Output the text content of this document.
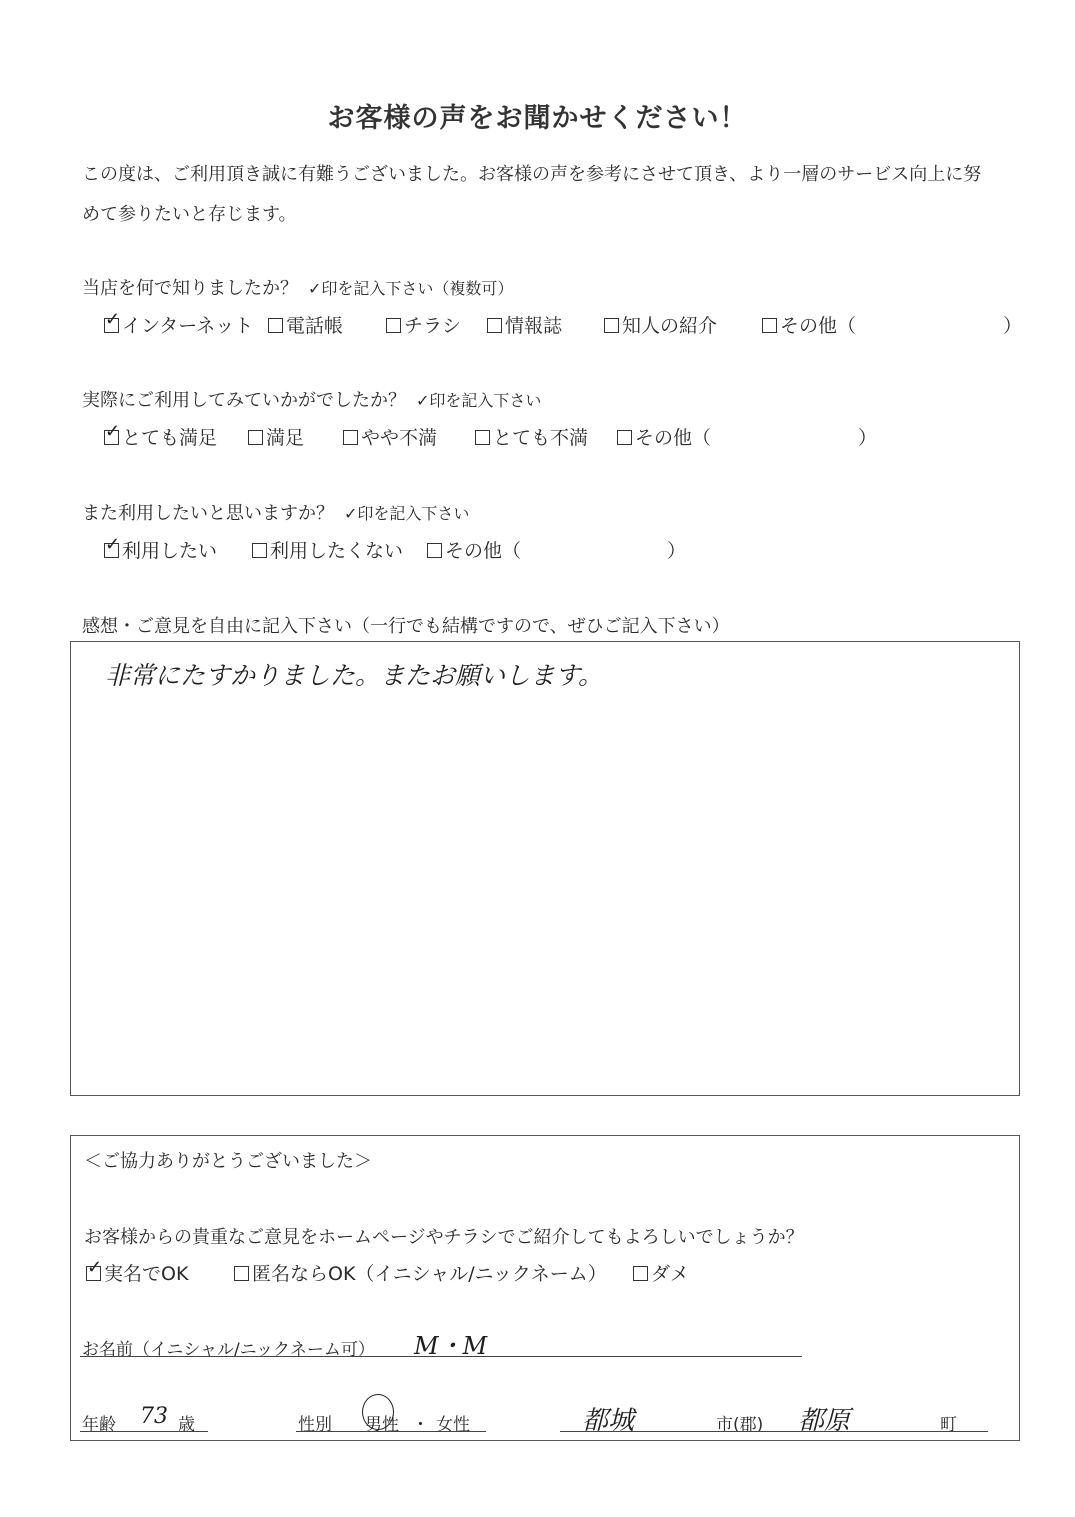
お客様の声をお聞かせください！
この度は、ご利用頂き誠に有難うございました。お客様の声を参考にさせて頂き、より一層のサービス向上に努
めて参りたいと存じます。
当店を何で知りましたか？ ✓印を記入下さい（複数可）
✓ インターネット	電話帳	チラシ	情報誌	知人の紹介	その他（	）
実際にご利用してみていかがでしたか？ ✓印を記入下さい
✓ とても満足	満足	やや不満	とても不満	その他（	）
また利用したいと思いますか？ ✓印を記入下さい
✓ 利用したい	利用したくない	その他（	）
感想・ご意見を自由に記入下さい（一行でも結構ですので、ぜひご記入下さい）
非常にたすかりました。またお願いします。
＜ご協力ありがとうございました＞
お客様からの貴重なご意見をホームページやチラシでご紹介してもよろしいでしょうか？
✓ 実名でOK	匿名ならOK（イニシャル/ニックネーム）	ダメ
お名前（イニシャル/ニックネーム可） M・M
年齢 73 歳	性別 男性 ・ 女性	都城	市(郡) 都原	町
